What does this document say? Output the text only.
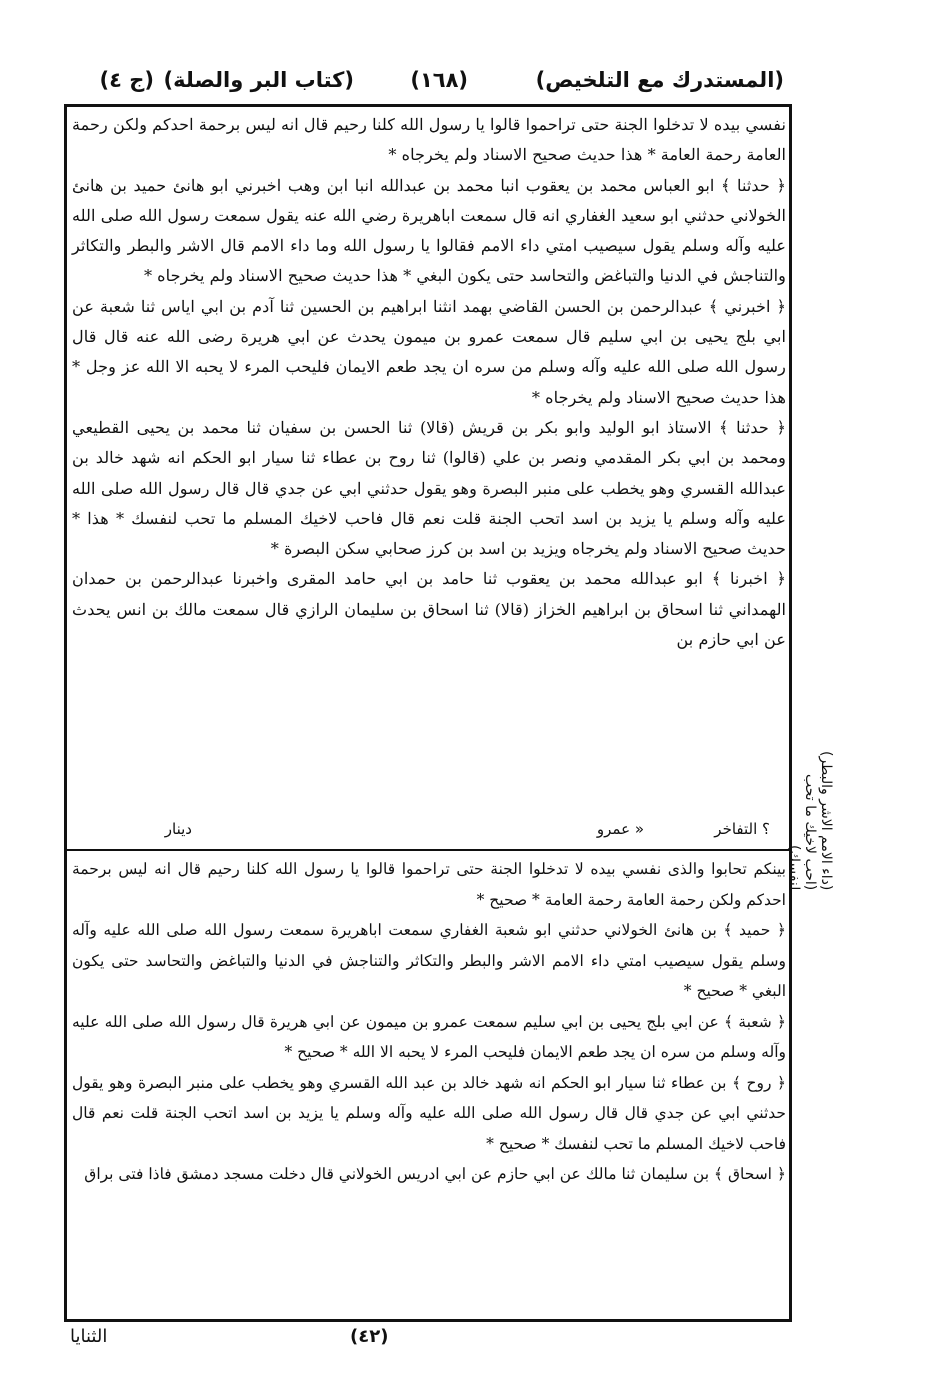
(المستدرك مع التلخيص)
(١٦٨)
(كتاب البر والصلة)
(ج ٤)

نفسي بيده لا تدخلوا الجنة حتى تراحموا قالوا يا رسول الله كلنا رحيم قال انه ليس برحمة احدكم ولكن رحمة العامة رحمة العامة * هذا حديث صحيح الاسناد ولم يخرجاه *

﴿ حدثنا ﴾ ابو العباس محمد بن يعقوب انبا محمد بن عبدالله انبا ابن وهب اخبرني ابو هانئ حميد بن هانئ الخولاني حدثني ابو سعيد الغفاري انه قال سمعت اباهريرة رضي الله عنه يقول سمعت رسول الله صلى الله عليه وآله وسلم يقول سيصيب امتي داء الامم فقالوا يا رسول الله وما داء الامم قال الاشر والبطر والتكاثر والتناجش في الدنيا والتباغض والتحاسد حتى يكون البغي * هذا حديث صحيح الاسناد ولم يخرجاه *

﴿ اخبرني ﴾ عبدالرحمن بن الحسن القاضي بهمد انثنا ابراهيم بن الحسين ثنا آدم بن ابي اياس ثنا شعبة عن ابي بلج يحيى بن ابي سليم قال سمعت عمرو بن ميمون يحدث عن ابي هريرة رضى الله عنه قال قال رسول الله صلى الله عليه وآله وسلم من سره ان يجد طعم الايمان فليحب المرء لا يحبه الا الله عز وجل * هذا حديث صحيح الاسناد ولم يخرجاه *

﴿ حدثنا ﴾ الاستاذ ابو الوليد وابو بكر بن قريش (قالا) ثنا الحسن بن سفيان ثنا محمد بن يحيى القطيعي ومحمد بن ابي بكر المقدمي ونصر بن علي (قالوا) ثنا روح بن عطاء ثنا سيار ابو الحكم انه شهد خالد بن عبدالله القسري وهو يخطب على منبر البصرة وهو يقول حدثني ابي عن جدي قال قال رسول الله صلى الله عليه وآله وسلم يا يزيد بن اسد اتحب الجنة قلت نعم قال فاحب لاخيك المسلم ما تحب لنفسك * هذا * حديث صحيح الاسناد ولم يخرجاه ويزيد بن اسد بن كرز صحابي سكن البصرة *

﴿ اخبرنا ﴾ ابو عبدالله محمد بن يعقوب ثنا حامد بن ابي حامد المقرى واخبرنا عبدالرحمن بن حمدان الهمداني ثنا اسحاق بن ابراهيم الخزاز (قالا) ثنا اسحاق بن سليمان الرازي قال سمعت مالك بن انس يحدث عن ابي حازم بن

؟ التفاخر
« عمرو
دينار

بينكم تحابوا والذى نفسي بيده لا تدخلوا الجنة حتى تراحموا قالوا يا رسول الله كلنا رحيم قال انه ليس برحمة احدكم ولكن رحمة العامة رحمة العامة * صحيح *

﴿ حميد ﴾ بن هانئ الخولاني حدثني ابو شعبة الغفاري سمعت اباهريرة سمعت رسول الله صلى الله عليه وآله وسلم يقول سيصيب امتي داء الامم الاشر والبطر والتكاثر والتناجش في الدنيا والتباغض والتحاسد حتى يكون البغي * صحيح *

﴿ شعبة ﴾ عن ابي بلج يحيى بن ابي سليم سمعت عمرو بن ميمون عن ابي هريرة قال رسول الله صلى الله عليه وآله وسلم من سره ان يجد طعم الايمان فليحب المرء لا يحبه الا الله * صحيح *

﴿ روح ﴾ بن عطاء ثنا سيار ابو الحكم انه شهد خالد بن عبد الله القسري وهو يخطب على منبر البصرة وهو يقول حدثني ابي عن جدي قال قال رسول الله صلى الله عليه وآله وسلم يا يزيد بن اسد اتحب الجنة قلت نعم قال فاحب لاخيك المسلم ما تحب لنفسك * صحيح *

﴿ اسحاق ﴾ بن سليمان ثنا مالك عن ابي حازم عن ابي ادريس الخولاني قال دخلت مسجد دمشق فاذا فتى براق

(داء الامم الاشر والبطر)
(احب لاخيك ما تحب
لنفسك)
الثنايا	(٤٢)
